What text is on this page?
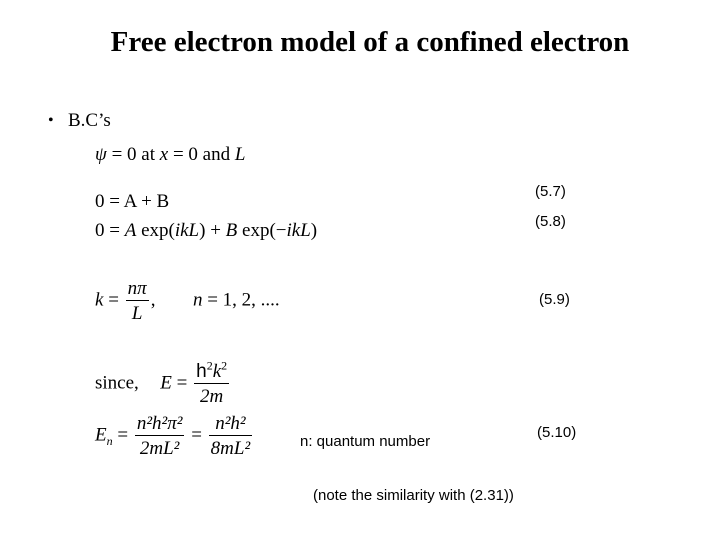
Free electron model of a confined electron
• B.C’s
ψ = 0 at x = 0 and L
0 = A + B
0 = A exp(ikL) + B exp(−ikL)
$k = \frac{n\pi}{L}$ , n = 1, 2, ....
since, $E = \frac{h^2k^2}{2m}$
$E_n = \frac{\text{n²h²π²}}{\text{2mL²}} = \frac{\text{n²h²}}{\text{8mL²}}$
(5.7)
(5.8)
(5.9)
(5.10)
n: quantum number
(note the similarity with (2.31))
